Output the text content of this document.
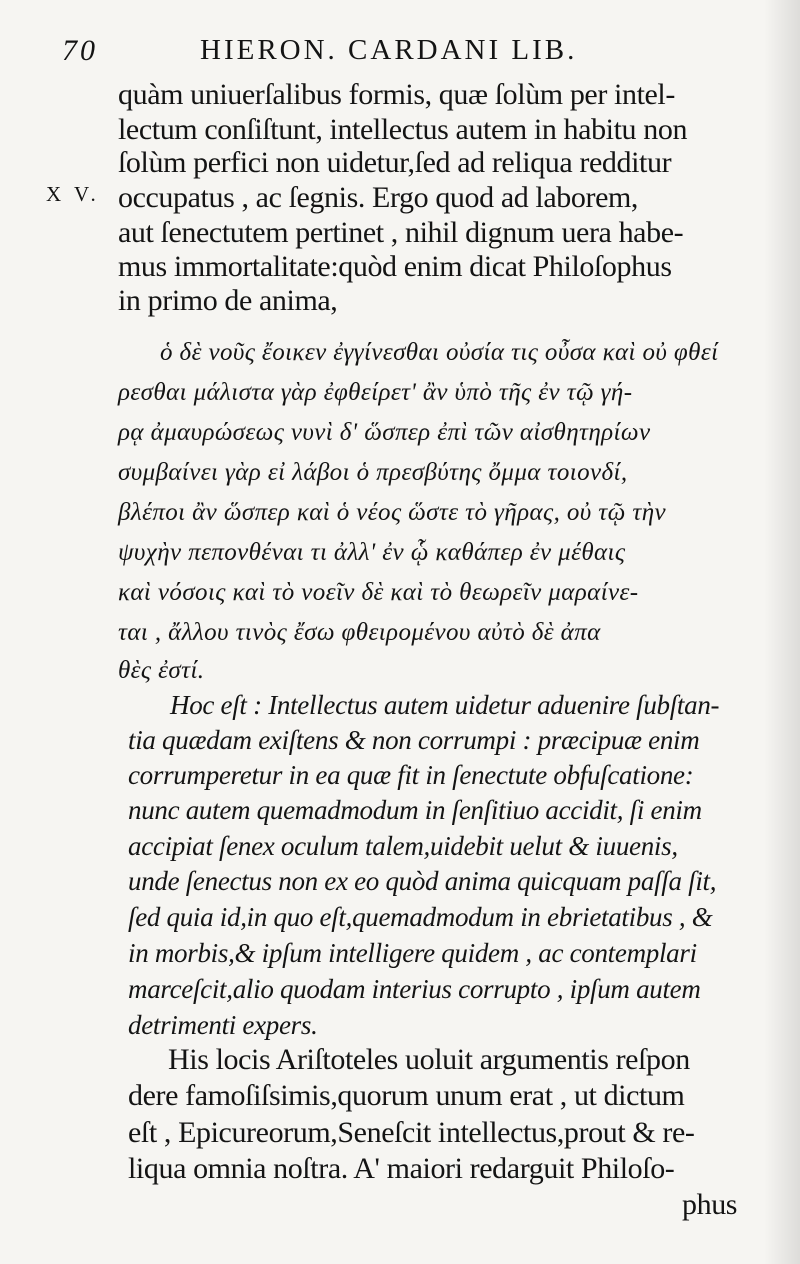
70	HIERON. CARDANI LIB.
X V.
quàm uniuerſalibus formis, quæ ſolùm per intel-
lectum conſiſtunt, intellectus autem in habitu non
ſolùm perfici non uidetur,ſed ad reliqua redditur
occupatus , ac ſegnis. Ergo quod ad laborem,
aut ſenectutem pertinet , nihil dignum uera habe-
mus immortalitate:quòd enim dicat Philoſophus
in primo de anima,
ὁ δὲ νοῦς ἔοικεν ἐγγίνεσθαι οὐσία τις οὖσα καὶ οὐ φθεί
ρεσθαι μάλιστα γὰρ ἐφθείρετ' ἂν ὑπὸ τῆς ἐν τῷ γή-
ρᾳ ἀμαυρώσεως νυνὶ δ' ὥσπερ ἐπὶ τῶν αἰσθητηρίων
συμβαίνει γὰρ εἰ λάβοι ὁ πρεσβύτης ὄμμα τοιονδί,
βλέποι ἂν ὥσπερ καὶ ὁ νέος ὥστε τὸ γῆρας, οὐ τῷ τὴν
ψυχὴν πεπονθέναι τι ἀλλ' ἐν ᾧ καθάπερ ἐν μέθαις
καὶ νόσοις καὶ τὸ νοεῖν δὲ καὶ τὸ θεωρεῖν μαραίνε-
ται , ἄλλου τινὸς ἔσω φθειρομένου αὐτὸ δὲ ἀπα
θὲς ἐστί.
Hoc eſt : Intellectus autem uidetur aduenire ſubſtan-
tia quædam exiſtens & non corrumpi : præcipuæ enim
corrumperetur in ea quæ fit in ſenectute obfuſcatione:
nunc autem quemadmodum in ſenſitiuo accidit, ſi enim
accipiat ſenex oculum talem,uidebit uelut & iuuenis,
unde ſenectus non ex eo quòd anima quicquam paſſa ſit,
ſed quia id,in quo eſt,quemadmodum in ebrietatibus , &
in morbis,& ipſum intelligere quidem , ac contemplari
marceſcit,alio quodam interius corrupto , ipſum autem
detrimenti expers.
His locis Ariſtoteles uoluit argumentis reſpon
dere famoſiſsimis,quorum unum erat , ut dictum
eſt , Epicureorum,Seneſcit intellectus,prout & re-
liqua omnia noſtra. A' maiori redarguit Philoſo-
phus
